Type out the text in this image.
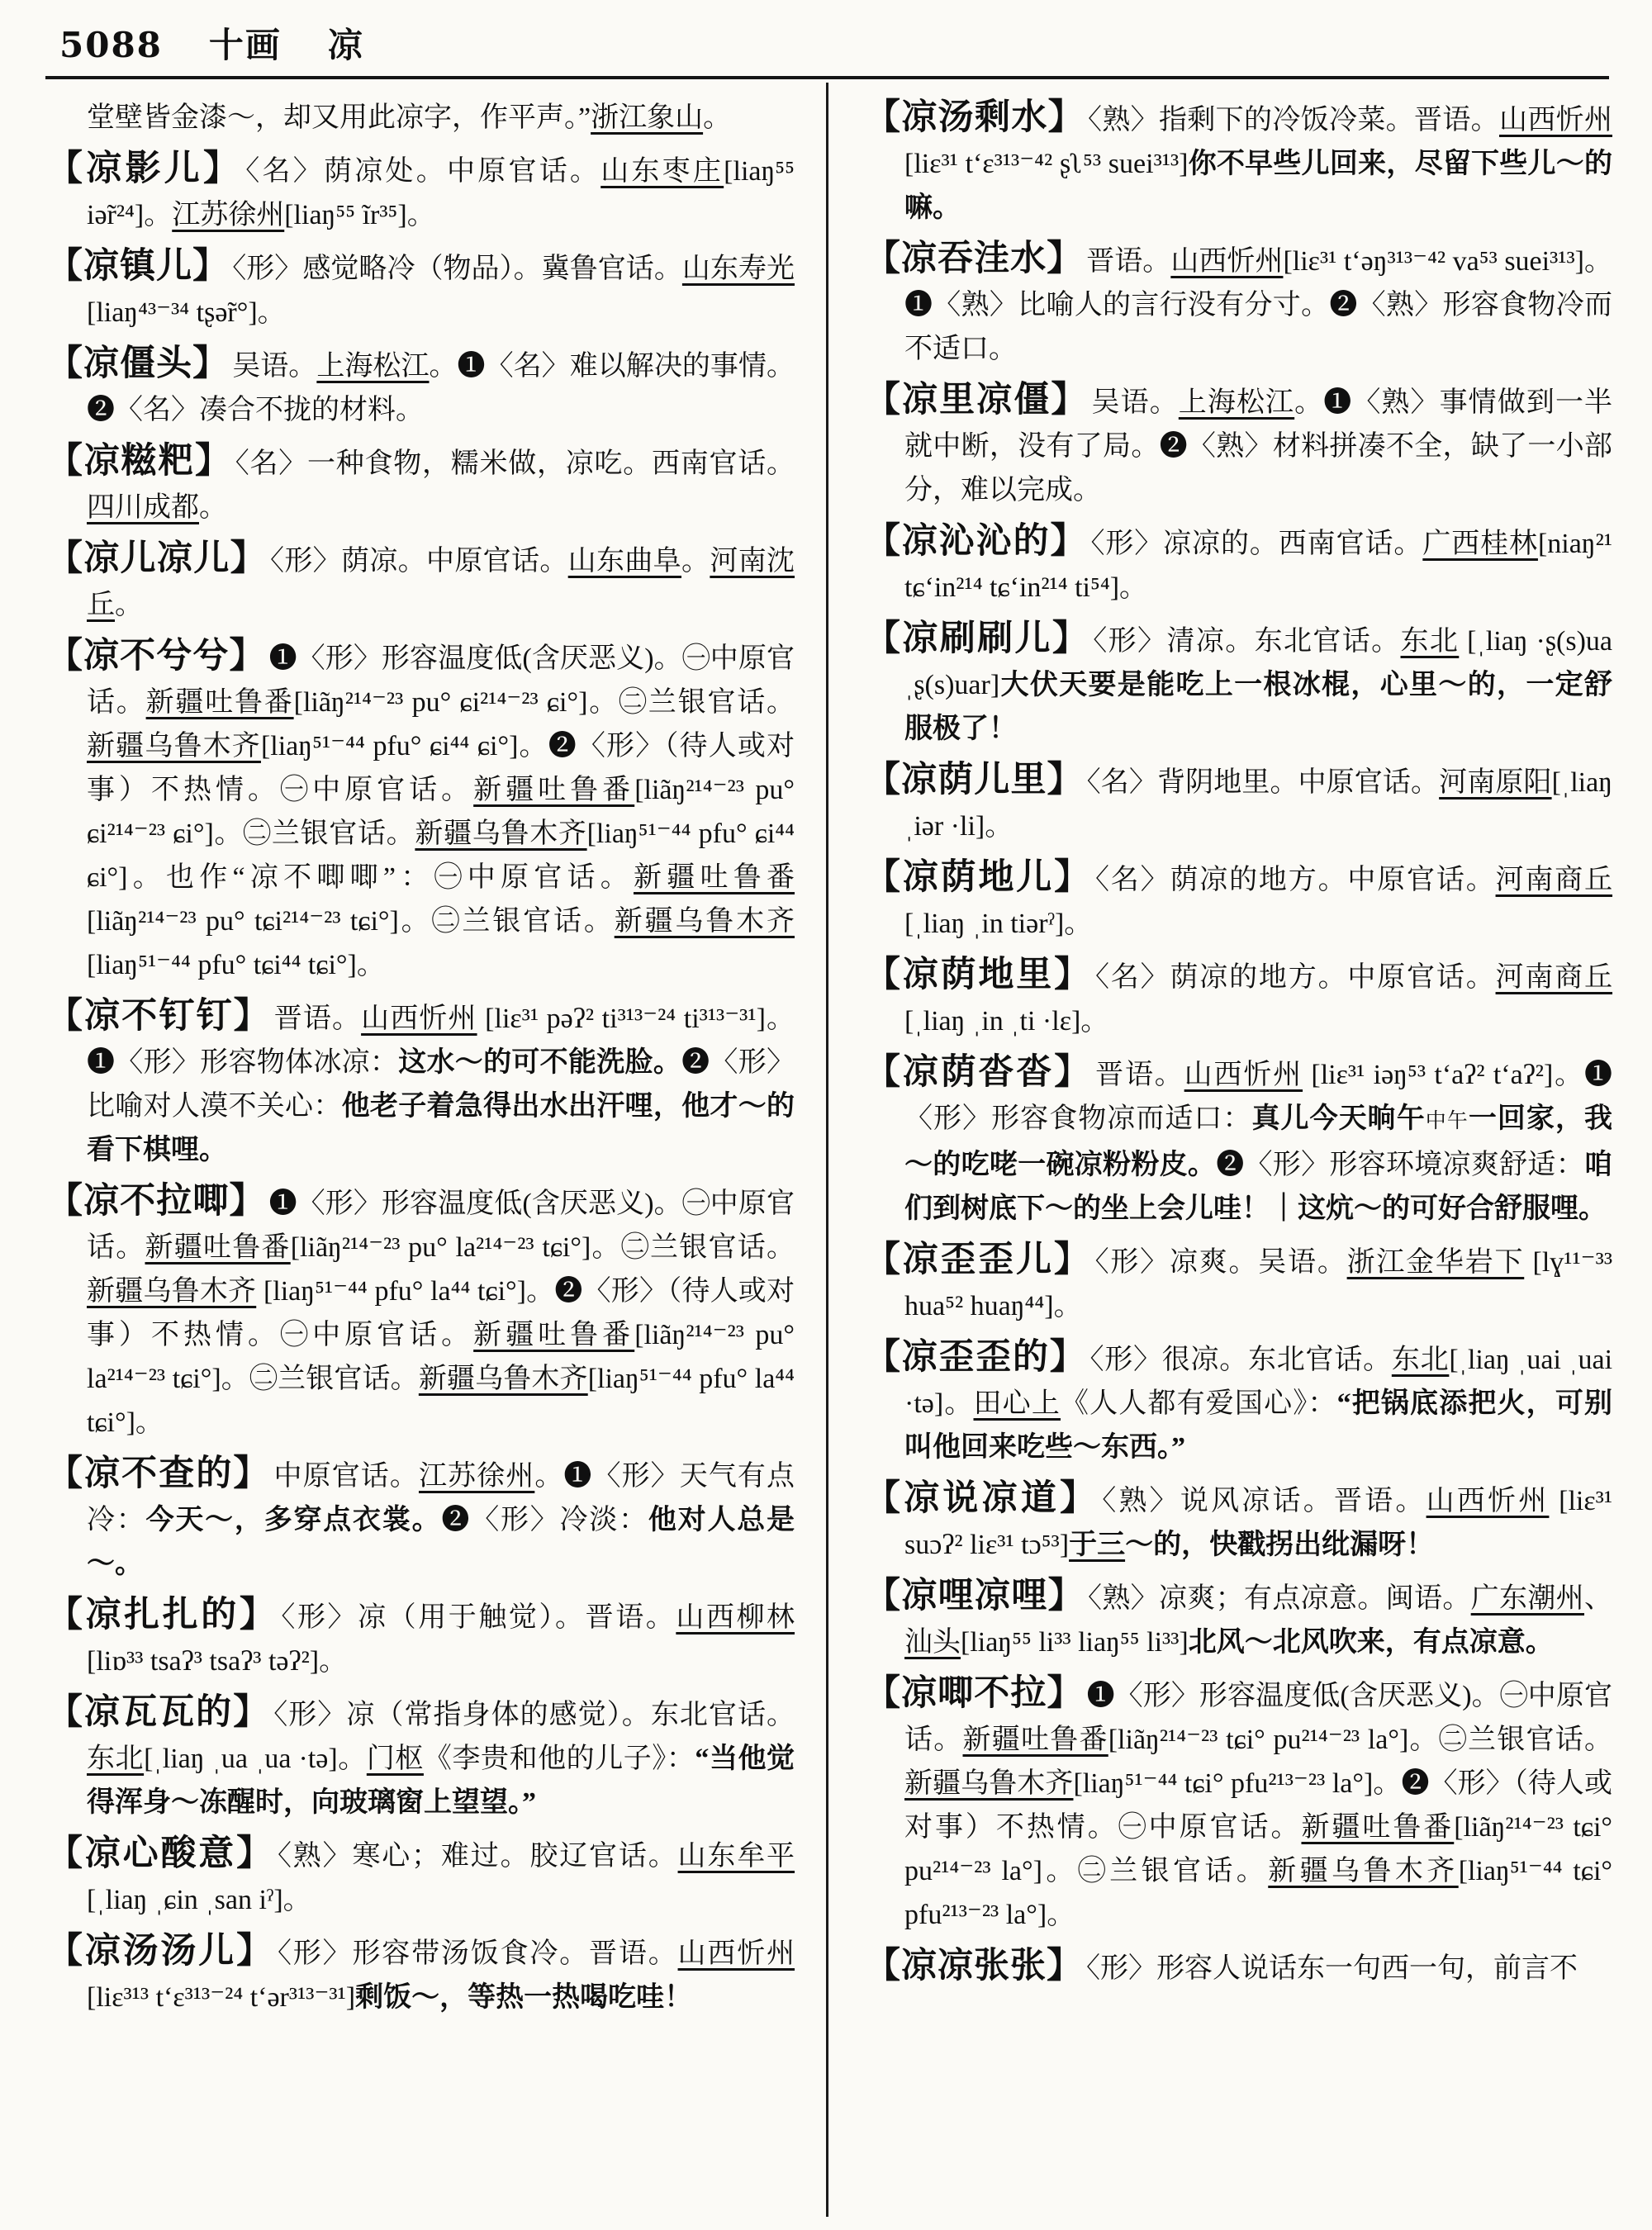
5088 十画 凉
堂壁皆金漆～，却又用此凉字，作平声。”浙江象山。
【凉影儿】 〈名〉荫凉处。中原官话。山东枣庄[liaŋ⁵⁵ iə̃r²⁴]。江苏徐州[liaŋ⁵⁵ ĩr³⁵]。
【凉镇儿】 〈形〉感觉略冷（物品）。冀鲁官话。山东寿光[liaŋ⁴³⁻³⁴ tʂə̃r°]。
【凉僵头】 吴语。上海松江。❶〈名〉难以解决的事情。❷〈名〉凑合不拢的材料。
【凉糍粑】 〈名〉一种食物，糯米做，凉吃。西南官话。四川成都。
【凉儿凉儿】 〈形〉荫凉。中原官话。山东曲阜。河南沈丘。
【凉不兮兮】 ❶〈形〉形容温度低(含厌恶义)。㊀中原官话。新疆吐鲁番[liãŋ²¹⁴⁻²³ pu° ɕi²¹⁴⁻²³ ɕi°]。㊁兰银官话。新疆乌鲁木齐[liaŋ⁵¹⁻⁴⁴ pfu° ɕi⁴⁴ ɕi°]。❷〈形〉（待人或对事）不热情。㊀中原官话。新疆吐鲁番[liãŋ²¹⁴⁻²³ pu° ɕi²¹⁴⁻²³ ɕi°]。㊁兰银官话。新疆乌鲁木齐[liaŋ⁵¹⁻⁴⁴ pfu° ɕi⁴⁴ ɕi°]。也作“凉不唧唧”：㊀中原官话。新疆吐鲁番 [liãŋ²¹⁴⁻²³ pu° tɕi²¹⁴⁻²³ tɕi°]。㊁兰银官话。新疆乌鲁木齐[liaŋ⁵¹⁻⁴⁴ pfu° tɕi⁴⁴ tɕi°]。
【凉不钉钉】 晋语。山西忻州 [liɛ³¹ pəʔ² ti³¹³⁻²⁴ ti³¹³⁻³¹]。❶〈形〉形容物体冰凉：这水～的可不能洗脸。❷〈形〉比喻对人漠不关心：他老子着急得出水出汗哩，他才～的看下棋哩。
【凉不拉唧】 ❶〈形〉形容温度低(含厌恶义)。㊀中原官话。新疆吐鲁番[liãŋ²¹⁴⁻²³ pu° la²¹⁴⁻²³ tɕi°]。㊁兰银官话。新疆乌鲁木齐 [liaŋ⁵¹⁻⁴⁴ pfu° la⁴⁴ tɕi°]。❷〈形〉（待人或对事）不热情。㊀中原官话。新疆吐鲁番[liãŋ²¹⁴⁻²³ pu° la²¹⁴⁻²³ tɕi°]。㊁兰银官话。新疆乌鲁木齐[liaŋ⁵¹⁻⁴⁴ pfu° la⁴⁴ tɕi°]。
【凉不查的】 中原官话。江苏徐州。❶〈形〉天气有点冷：今天～，多穿点衣裳。❷〈形〉冷淡：他对人总是～。
【凉扎扎的】 〈形〉凉（用于触觉）。晋语。山西柳林[liɒ³³ tsaʔ³ tsaʔ³ təʔ²]。
【凉瓦瓦的】 〈形〉凉（常指身体的感觉）。东北官话。东北[ˌliaŋ ˌua ˌua ·tə]。门枢《李贵和他的儿子》：“当他觉得浑身～冻醒时，向玻璃窗上望望。”
【凉心酸意】 〈熟〉寒心；难过。胶辽官话。山东牟平[ˌliaŋ ˌɕin ˌsan iˀ]。
【凉汤汤儿】 〈形〉形容带汤饭食冷。晋语。山西忻州[liɛ³¹³ t‘ɛ³¹³⁻²⁴ t‘ər³¹³⁻³¹]剩饭～，等热一热喝吃哇！
【凉汤剩水】 〈熟〉指剩下的冷饭冷菜。晋语。山西忻州[liɛ³¹ t‘ɛ³¹³⁻⁴² ʂʅ⁵³ suei³¹³]你不早些儿回来，尽留下些儿～的嘛。
【凉吞洼水】 晋语。山西忻州[liɛ³¹ t‘əŋ³¹³⁻⁴² va⁵³ suei³¹³]。❶〈熟〉比喻人的言行没有分寸。❷〈熟〉形容食物冷而不适口。
【凉里凉僵】 吴语。上海松江。❶〈熟〉事情做到一半就中断，没有了局。❷〈熟〉材料拼凑不全，缺了一小部分，难以完成。
【凉沁沁的】 〈形〉凉凉的。西南官话。广西桂林[niaŋ²¹ tɕ‘in²¹⁴ tɕ‘in²¹⁴ ti⁵⁴]。
【凉刷刷儿】 〈形〉清凉。东北官话。东北 [ˌliaŋ ·ʂ(s)ua ˌʂ(s)uar]大伏天要是能吃上一根冰棍，心里～的，一定舒服极了！
【凉荫儿里】 〈名〉背阴地里。中原官话。河南原阳[ˌliaŋ ˌiər ·li]。
【凉荫地儿】 〈名〉荫凉的地方。中原官话。河南商丘[ˌliaŋ ˌin tiərˀ]。
【凉荫地里】 〈名〉荫凉的地方。中原官话。河南商丘[ˌliaŋ ˌin ˌti ·lɛ]。
【凉荫沓沓】 晋语。山西忻州 [liɛ³¹ iəŋ⁵³ t‘aʔ² t‘aʔ²]。❶〈形〉形容食物凉而适口：真儿今天晌午中午一回家，我～的吃咾一碗凉粉粉皮。❷〈形〉形容环境凉爽舒适：咱们到树底下～的坐上会儿哇！｜这炕～的可好合舒服哩。
【凉歪歪儿】 〈形〉凉爽。吴语。浙江金华岩下 [lɣ¹¹⁻³³ hua⁵² huaŋ⁴⁴]。
【凉歪歪的】 〈形〉很凉。东北官话。东北[ˌliaŋ ˌuai ˌuai ·tə]。田心上《人人都有爱国心》：“把锅底添把火，可别叫他回来吃些～东西。”
【凉说凉道】 〈熟〉说风凉话。晋语。山西忻州 [liɛ³¹ suɔʔ² liɛ³¹ tɔ⁵³]于三～的，快戳拐出纰漏呀！
【凉哩凉哩】 〈熟〉凉爽；有点凉意。闽语。广东潮州、汕头[liaŋ⁵⁵ li³³ liaŋ⁵⁵ li³³]北风～北风吹来，有点凉意。
【凉唧不拉】 ❶〈形〉形容温度低(含厌恶义)。㊀中原官话。新疆吐鲁番[liãŋ²¹⁴⁻²³ tɕi° pu²¹⁴⁻²³ la°]。㊁兰银官话。新疆乌鲁木齐[liaŋ⁵¹⁻⁴⁴ tɕi° pfu²¹³⁻²³ la°]。❷〈形〉（待人或对事）不热情。㊀中原官话。新疆吐鲁番[liãŋ²¹⁴⁻²³ tɕi° pu²¹⁴⁻²³ la°]。㊁兰银官话。新疆乌鲁木齐[liaŋ⁵¹⁻⁴⁴ tɕi° pfu²¹³⁻²³ la°]。
【凉凉张张】 〈形〉形容人说话东一句西一句，前言不
